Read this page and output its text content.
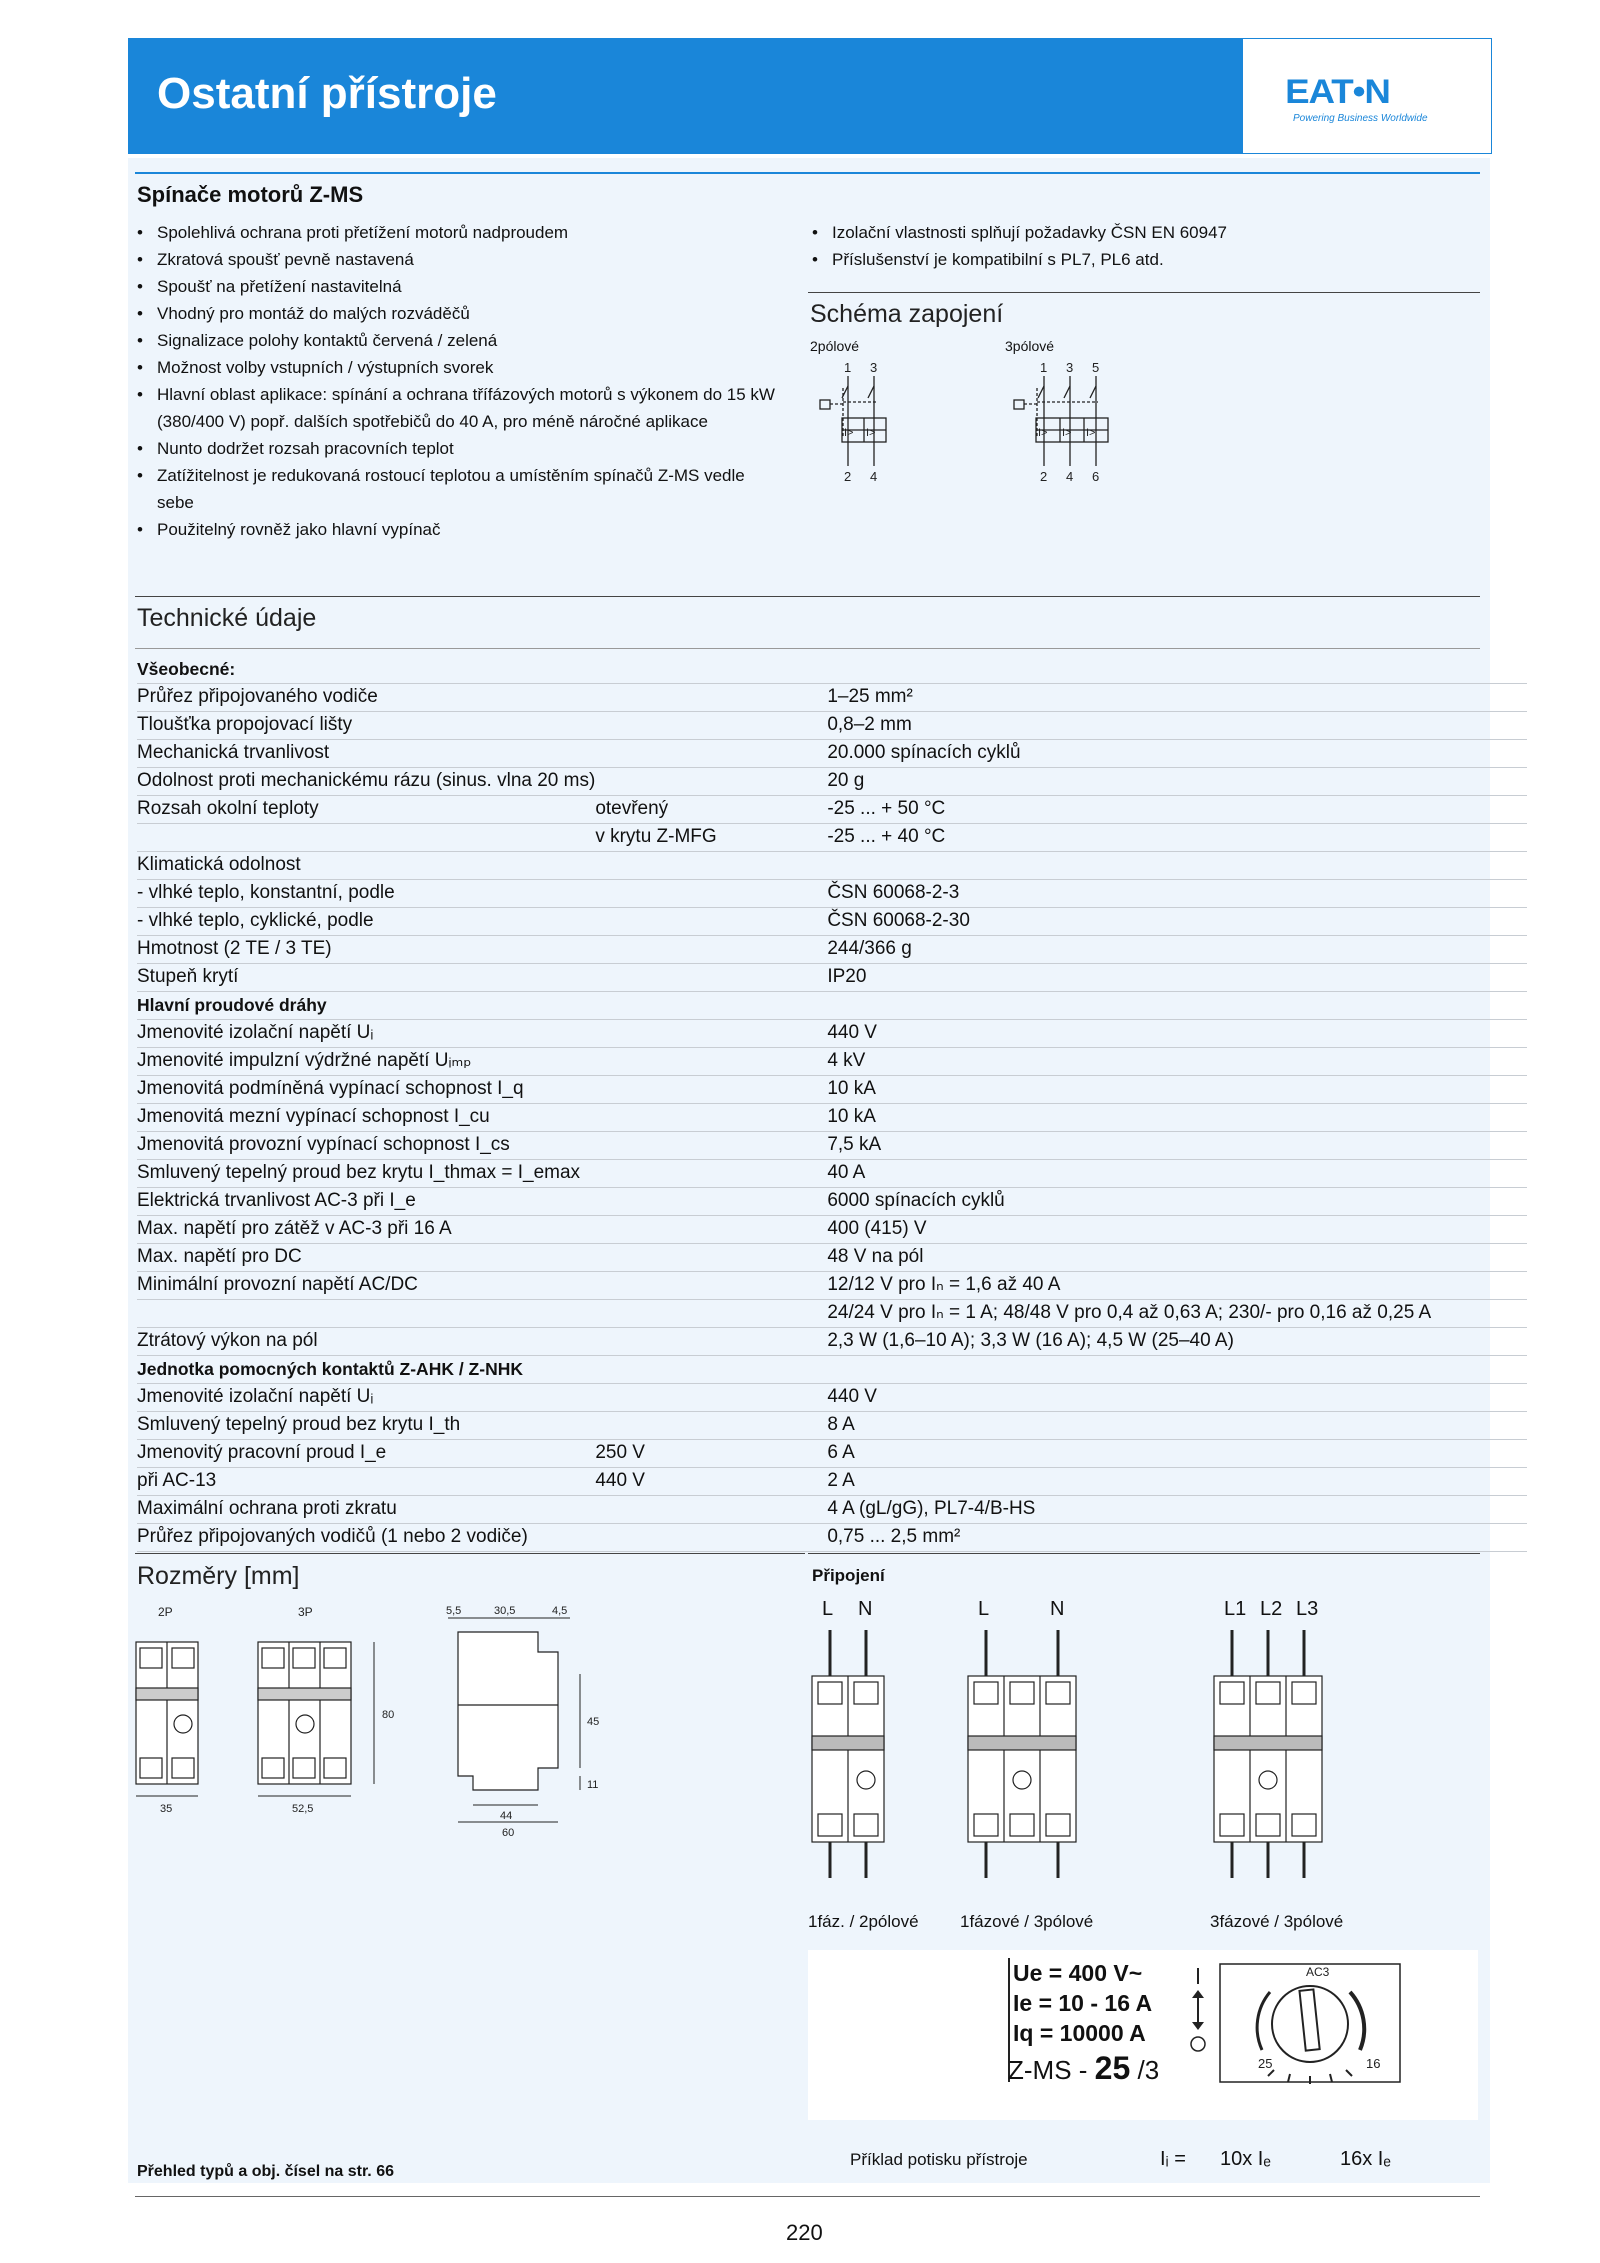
Ostatní přístroje	EAT•N
Powering Business Worldwide
Spínače motorů Z-MS
• Spolehlivá ochrana proti přetížení motorů nadproudem
• Zkratová spoušť pevně nastavená
• Spoušť na přetížení nastavitelná
• Vhodný pro montáž do malých rozváděčů
• Signalizace polohy kontaktů červená / zelená
• Možnost volby vstupních / výstupních svorek
• Hlavní oblast aplikace: spínání a ochrana třífázových motorů s výkonem do 15 kW (380/400 V) popř. dalších spotřebičů do 40 A, pro méně náročné aplikace
• Nunto dodržet rozsah pracovních teplot
• Zatížitelnost je redukovaná rostoucí teplotou a umístěním spínačů Z-MS vedle sebe
• Použitelný rovněž jako hlavní vypínač
• Izolační vlastnosti splňují požadavky ČSN EN 60947
• Příslušenství je kompatibilní s PL7, PL6 atd.
Schéma zapojení
2pólové	3pólové
I> I>	I> I> I>
1 3
2 4
1 3 5
2 4 6
Technické údaje
Všeobecné:		
Průřez připojovaného vodiče		1–25 mm²
Tloušťka propojovací lišty		0,8–2 mm
Mechanická trvanlivost		20.000 spínacích cyklů
Odolnost proti mechanickému rázu (sinus. vlna 20 ms)		20 g
Rozsah okolní teploty	otevřený	-25 ... + 50 °C
	v krytu Z-MFG	-25 ... + 40 °C
Klimatická odolnost		
- vlhké teplo, konstantní, podle		ČSN 60068-2-3
- vlhké teplo, cyklické, podle		ČSN 60068-2-30
Hmotnost (2 TE / 3 TE)		244/366 g
Stupeň krytí		IP20
Hlavní proudové dráhy		
Jmenovité izolační napětí Uᵢ		440 V
Jmenovité impulzní výdržné napětí Uᵢₘₚ		4 kV
Jmenovitá podmíněná vypínací schopnost I_q		10 kA
Jmenovitá mezní vypínací schopnost I_cu		10 kA
Jmenovitá provozní vypínací schopnost I_cs		7,5 kA
Smluvený tepelný proud bez krytu I_thmax = I_emax		40 A
Elektrická trvanlivost AC-3 při I_e		6000 spínacích cyklů
Max. napětí pro zátěž v AC-3 při 16 A		400 (415) V
Max. napětí pro DC		48 V na pól
Minimální provozní napětí AC/DC		12/12 V pro Iₙ = 1,6 až 40 A
		24/24 V pro Iₙ = 1 A; 48/48 V pro 0,4 až 0,63 A; 230/- pro 0,16 až 0,25 A
Ztrátový výkon na pól		2,3 W (1,6–10 A); 3,3 W (16 A); 4,5 W (25–40 A)
Jednotka pomocných kontaktů Z-AHK / Z-NHK		
Jmenovité izolační napětí Uᵢ		440 V
Smluvený tepelný proud bez krytu I_th		8 A
Jmenovitý pracovní proud I_e	250 V	6 A
při AC-13	440 V	2 A
Maximální ochrana proti zkratu		4 A (gL/gG), PL7-4/B-HS
Průřez připojovaných vodičů (1 nebo 2 vodiče)		0,75 ... 2,5 mm²
Rozměry [mm]	Připojení
2P	3P
35	52,5
80
5,5	30,5	4,5
45
11
44
60
L N
1fáz. / 2pólové
L	N
1fázové / 3pólové
L1 L2 L3
3fázové / 3pólové
Ue = 400 V~
Ie = 10 - 16 A
Iq = 10000 A
Z-MS - 25 /3
AC3
25	16
Příklad potisku přístroje	Iᵢ = 10x Iₑ	16x Iₑ
Přehled typů a obj. čísel na str. 66
220
